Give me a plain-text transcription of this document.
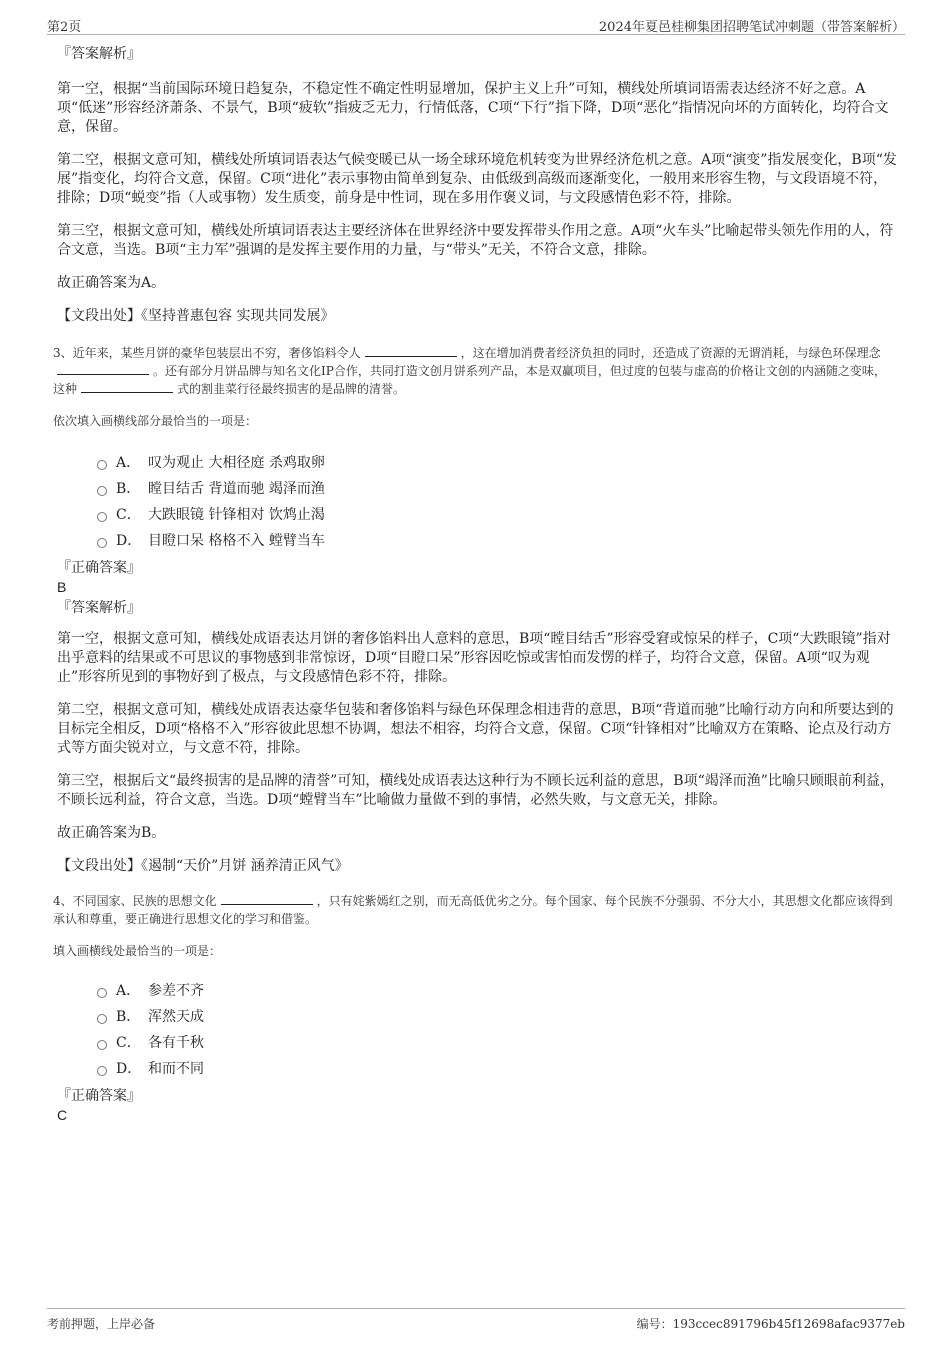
第2页	2024年夏邑桂柳集团招聘笔试冲刺题（带答案解析）

『答案解析』

第一空，根据“当前国际环境日趋复杂，不稳定性不确定性明显增加，保护主义上升”可知，横线处所填词语需表达经济不好之意。A项“低迷”形容经济萧条、不景气，B项“疲软”指疲乏无力，行情低落，C项“下行”指下降，D项“恶化”指情况向坏的方面转化，均符合文意，保留。

第二空，根据文意可知，横线处所填词语表达气候变暖已从一场全球环境危机转变为世界经济危机之意。A项“演变”指发展变化，B项“发展”指变化，均符合文意，保留。C项“进化”表示事物由简单到复杂、由低级到高级而逐渐变化，一般用来形容生物，与文段语境不符，排除；D项“蜕变”指（人或事物）发生质变，前身是中性词，现在多用作褒义词，与文段感情色彩不符，排除。

第三空，根据文意可知，横线处所填词语表达主要经济体在世界经济中要发挥带头作用之意。A项“火车头”比喻起带头领先作用的人，符合文意，当选。B项“主力军”强调的是发挥主要作用的力量，与“带头”无关，不符合文意，排除。

故正确答案为A。

【文段出处】《坚持普惠包容 实现共同发展》

3、近年来，某些月饼的豪华包装层出不穷，奢侈馅料令人	，这在增加消费者经济负担的同时，还造成了资源的无谓消耗，与绿色环保理念。还有部分月饼品牌与知名文化IP合作，共同打造文创月饼系列产品，本是双赢项目，但过度的包装与虚高的价格让文创的内涵随之变味，这种	式的割韭菜行径最终损害的是品牌的清誉。

依次填入画横线部分最恰当的一项是：

A． 叹为观止 大相径庭 杀鸡取卵
B． 瞠目结舌 背道而驰 竭泽而渔
C． 大跌眼镜 针锋相对 饮鸩止渴
D． 目瞪口呆 格格不入 螳臂当车

『正确答案』

B

『答案解析』

第一空，根据文意可知，横线处成语表达月饼的奢侈馅料出人意料的意思，B项“瞠目结舌”形容受窘或惊呆的样子，C项“大跌眼镜”指对出乎意料的结果或不可思议的事物感到非常惊讶，D项“目瞪口呆”形容因吃惊或害怕而发愣的样子，均符合文意，保留。A项“叹为观止”形容所见到的事物好到了极点，与文段感情色彩不符，排除。

第二空，根据文意可知，横线处成语表达豪华包装和奢侈馅料与绿色环保理念相违背的意思，B项“背道而驰”比喻行动方向和所要达到的目标完全相反，D项“格格不入”形容彼此思想不协调，想法不相容，均符合文意，保留。C项“针锋相对”比喻双方在策略、论点及行动方式等方面尖锐对立，与文意不符，排除。

第三空，根据后文“最终损害的是品牌的清誉”可知，横线处成语表达这种行为不顾长远利益的意思，B项“竭泽而渔”比喻只顾眼前利益，不顾长远利益，符合文意，当选。D项“螳臂当车”比喻做力量做不到的事情，必然失败，与文意无关，排除。

故正确答案为B。

【文段出处】《遏制“天价”月饼 涵养清正风气》

4、不同国家、民族的思想文化	，只有姹紫嫣红之别，而无高低优劣之分。每个国家、每个民族不分强弱、不分大小，其思想文化都应该得到承认和尊重，要正确进行思想文化的学习和借鉴。

填入画横线处最恰当的一项是：

A． 参差不齐
B． 浑然天成
C． 各有千秋
D． 和而不同

『正确答案』

C

考前押题，上岸必备	编号：193ccec891796b45f12698afac9377eb
